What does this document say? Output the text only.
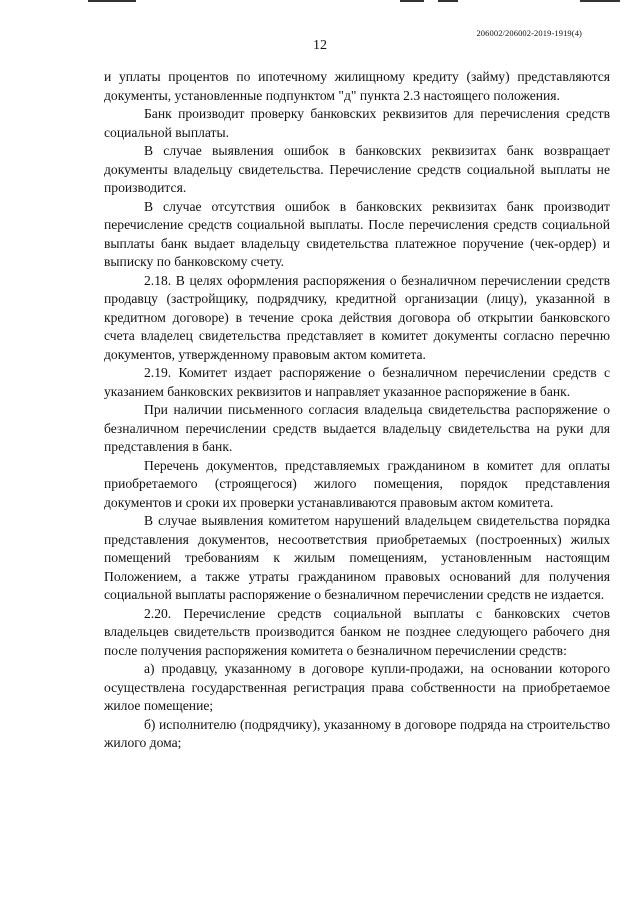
206002/206002-2019-1919(4)
12

и уплаты процентов по ипотечному жилищному кредиту (займу) представляются документы, установленные подпунктом "д" пункта 2.3 настоящего положения.

Банк производит проверку банковских реквизитов для перечисления средств социальной выплаты.

В случае выявления ошибок в банковских реквизитах банк возвращает документы владельцу свидетельства. Перечисление средств социальной выплаты не производится.

В случае отсутствия ошибок в банковских реквизитах банк производит перечисление средств социальной выплаты. После перечисления средств социальной выплаты банк выдает владельцу свидетельства платежное поручение (чек-ордер) и выписку по банковскому счету.

2.18. В целях оформления распоряжения о безналичном перечислении средств продавцу (застройщику, подрядчику, кредитной организации (лицу), указанной в кредитном договоре) в течение срока действия договора об открытии банковского счета владелец свидетельства представляет в комитет документы согласно перечню документов, утвержденному правовым актом комитета.

2.19. Комитет издает распоряжение о безналичном перечислении средств с указанием банковских реквизитов и направляет указанное распоряжение в банк.

При наличии письменного согласия владельца свидетельства распоряжение о безналичном перечислении средств выдается владельцу свидетельства на руки для представления в банк.

Перечень документов, представляемых гражданином в комитет для оплаты приобретаемого (строящегося) жилого помещения, порядок представления документов и сроки их проверки устанавливаются правовым актом комитета.

В случае выявления комитетом нарушений владельцем свидетельства порядка представления документов, несоответствия приобретаемых (построенных) жилых помещений требованиям к жилым помещениям, установленным настоящим Положением, а также утраты гражданином правовых оснований для получения социальной выплаты распоряжение о безналичном перечислении средств не издается.

2.20. Перечисление средств социальной выплаты с банковских счетов владельцев свидетельств производится банком не позднее следующего рабочего дня после получения распоряжения комитета о безналичном перечислении средств:

а) продавцу, указанному в договоре купли-продажи, на основании которого осуществлена государственная регистрация права собственности на приобретаемое жилое помещение;

б) исполнителю (подрядчику), указанному в договоре подряда на строительство жилого дома;
